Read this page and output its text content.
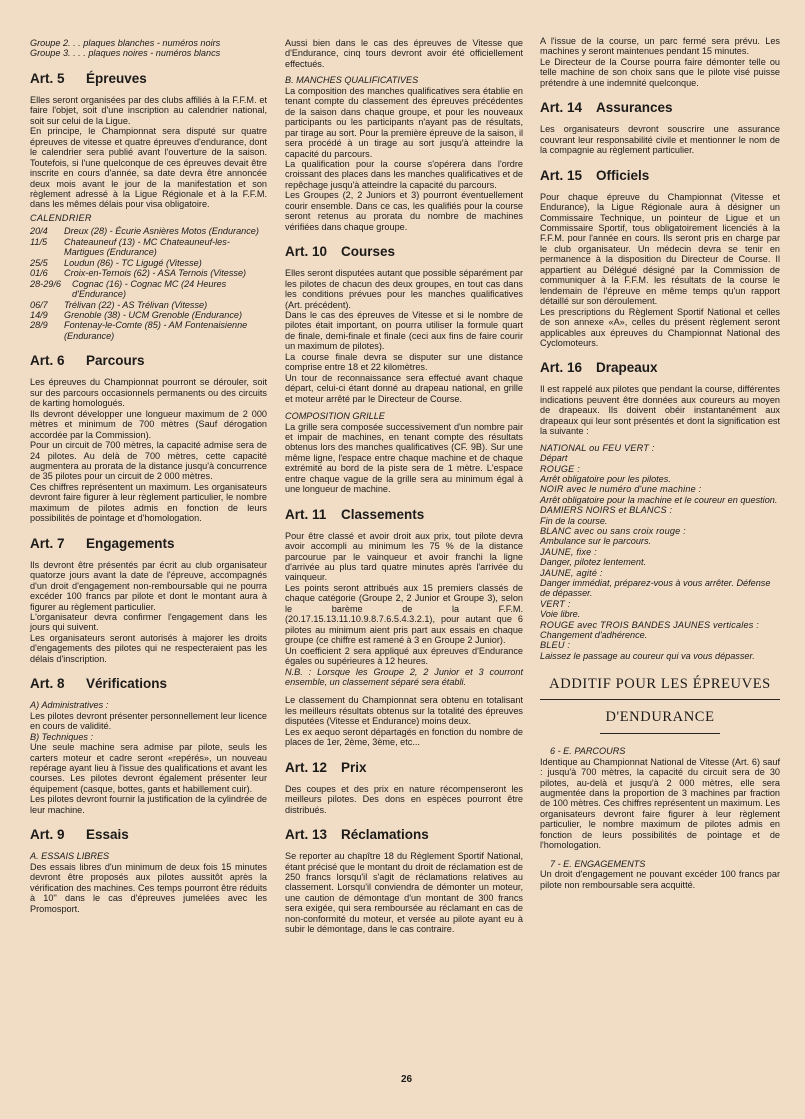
Groupe 2. . . plaques blanches - numéros noirs
Groupe 3. . . . plaques noires - numéros blancs
Art. 5 Épreuves

Elles seront organisées par des clubs affiliés à la F.F.M. et faire l'objet, soit d'une inscription au calendrier national, soit sur celui de la Ligue.

En principe, le Championnat sera disputé sur quatre épreuves de vitesse et quatre épreuves d'endurance, dont le calendrier sera publié avant l'ouverture de la saison. Toutefois, si l'une quelconque de ces épreuves devait être inscrite en cours d'année, sa date devra être annoncée deux mois avant le jour de la manifestation et son règlement adressé à la Ligue Régionale et à la F.F.M. dans les mêmes délais pour visa obligatoire.

CALENDRIER
20/4	Dreux (28) - Écurie Asnières Motos (Endurance)
11/5	Chateauneuf (13) - MC Chateauneuf-les-Martigues (Endurance)
25/5	Loudun (86) - TC Ligugé (Vitesse)
01/6	Croix-en-Ternois (62) - ASA Ternois (Vitesse)
28-29/6	Cognac (16) - Cognac MC (24 Heures d'Endurance)
06/7	Trélivan (22) - AS Trélivan (Vitesse)
14/9	Grenoble (38) - UCM Grenoble (Endurance)
28/9	Fontenay-le-Comte (85) - AM Fontenaisienne (Endurance)
Art. 6 Parcours

Les épreuves du Championnat pourront se dérouler, soit sur des parcours occasionnels permanents ou des circuits de karting homologués.

Ils devront développer une longueur maximum de 2 000 mètres et minimum de 700 mètres (Sauf dérogation accordée par la Commission).

Pour un circuit de 700 mètres, la capacité admise sera de 24 pilotes. Au delà de 700 mètres, cette capacité augmentera au prorata de la distance jusqu'à concurrence de 35 pilotes pour un circuit de 2 000 mètres.

Ces chiffres représentent un maximum. Les organisateurs devront faire figurer à leur règlement particulier, le nombre maximum de pilotes admis en fonction de leurs possibilités de pointage et d'homologation.

Art. 7 Engagements

Ils devront être présentés par écrit au club organisateur quatorze jours avant la date de l'épreuve, accompagnés d'un droit d'engagement non-remboursable qui ne pourra excéder 100 francs par pilote et dont le montant aura à figurer au règlement particulier.

L'organisateur devra confirmer l'engagement dans les jours qui suivent.

Les organisateurs seront autorisés à majorer les droits d'engagements des pilotes qui ne respecteraient pas les délais d'inscription.

Art. 8 Vérifications

A) Administratives :

Les pilotes devront présenter personnellement leur licence en cours de validité.

B) Techniques :

Une seule machine sera admise par pilote, seuls les carters moteur et cadre seront «repérés», un nouveau repérage ayant lieu à l'issue des qualifications et avant les courses. Les pilotes devront également présenter leur équipement (casque, bottes, gants et habillement cuir).

Les pilotes devront fournir la justification de la cylindrée de leur machine.

Art. 9 Essais

A. ESSAIS LIBRES

Des essais libres d'un minimum de deux fois 15 minutes devront être proposés aux pilotes aussitôt après la vérification des machines. Ces temps pourront être réduits à 10'' dans le cas d'épreuves jumelées avec les Promosport.

Aussi bien dans le cas des épreuves de Vitesse que d'Endurance, cinq tours devront avoir été officiellement effectués.

B. MANCHES QUALIFICATIVES

La composition des manches qualificatives sera établie en tenant compte du classement des épreuves précédentes de la saison dans chaque groupe, et pour les nouveaux participants ou les participants n'ayant pas de résultats, par tirage au sort. Pour la première épreuve de la saison, il sera procédé à un tirage au sort jusqu'à atteindre la capacité du parcours.

La qualification pour la course s'opérera dans l'ordre croissant des places dans les manches qualificatives et de repêchage jusqu'à atteindre la capacité du parcours.

Les Groupes (2, 2 Juniors et 3) pourront éventuellement courir ensemble. Dans ce cas, les qualifiés pour la course seront retenus au prorata du nombre de machines vérifiées dans chaque groupe.

Art. 10 Courses

Elles seront disputées autant que possible séparément par les pilotes de chacun des deux groupes, en tout cas dans les conditions prévues pour les manches qualificatives (Art. précédent).

Dans le cas des épreuves de Vitesse et si le nombre de pilotes était important, on pourra utiliser la formule quart de finale, demi-finale et finale (ceci aux fins de faire courir un maximum de pilotes).

La course finale devra se disputer sur une distance comprise entre 18 et 22 kilomètres.

Un tour de reconnaissance sera effectué avant chaque départ, celui-ci étant donné au drapeau national, en grille et moteur arrêté par le Directeur de Course.

COMPOSITION GRILLE

La grille sera composée successivement d'un nombre pair et impair de machines, en tenant compte des résultats obtenus lors des manches qualificatives (CF. 9B). Sur une même ligne, l'espace entre chaque machine et de chaque extrémité au bord de la piste sera de 1 mètre. L'espace entre chaque vague de la grille sera au minimum égal à une longueur de machine.

Art. 11 Classements

Pour être classé et avoir droit aux prix, tout pilote devra avoir accompli au minimum les 75 % de la distance parcourue par le vainqueur et avoir franchi la ligne d'arrivée au plus tard quatre minutes après l'arrivée du vainqueur.

Les points seront attribués aux 15 premiers classés de chaque catégorie (Groupe 2, 2 Junior et Groupe 3), selon le barème de la F.F.M. (20.17.15.13.11.10.9.8.7.6.5.4.3.2.1), pour autant que 6 pilotes au minimum aient pris part aux essais en chaque groupe (ce chiffre est ramené à 3 en Groupe 2 Junior).

Un coefficient 2 sera appliqué aux épreuves d'Endurance égales ou supérieures à 12 heures.

N.B. : Lorsque les Groupe 2, 2 Junior et 3 courront ensemble, un classement séparé sera établi.

Le classement du Championnat sera obtenu en totalisant les meilleurs résultats obtenus sur la totalité des épreuves disputées (Vitesse et Endurance) moins deux.

Les ex aequo seront départagés en fonction du nombre de places de 1er, 2ème, 3ème, etc...

Art. 12 Prix

Des coupes et des prix en nature récompenseront les meilleurs pilotes. Des dons en espèces pourront être distribués.

Art. 13 Réclamations

Se reporter au chapître 18 du Règlement Sportif National, étant précisé que le montant du droit de réclamation est de 250 francs lorsqu'il s'agit de réclamations relatives au classement. Lorsqu'il conviendra de démonter un moteur, une caution de démontage d'un montant de 300 francs sera exigée, qui sera remboursée au réclamant en cas de non-conformité du moteur, et versée au pilote ayant eu à subir le démontage, dans le cas contraire.

A l'issue de la course, un parc fermé sera prévu. Les machines y seront maintenues pendant 15 minutes.

Le Directeur de la Course pourra faire démonter telle ou telle machine de son choix sans que le pilote visé puisse prétendre à une indemnité quelconque.

Art. 14 Assurances

Les organisateurs devront souscrire une assurance couvrant leur responsabilité civile et mentionner le nom de la compagnie au règlement particulier.

Art. 15 Officiels

Pour chaque épreuve du Championnat (Vitesse et Endurance), la Ligue Régionale aura à désigner un Commissaire Technique, un pointeur de Ligue et un Commissaire Sportif, tous obligatoirement licenciés à la F.F.M. pour l'année en cours. Ils seront pris en charge par le club organisateur. Un médecin devra se tenir en permanence à la disposition du Directeur de Course. Il appartient au Délégué désigné par la Commission de communiquer à la F.F.M. les résultats de la course le lendemain de l'épreuve en même temps qu'un rapport détaillé sur son déroulement.

Les prescriptions du Règlement Sportif National et celles de son annexe «A», celles du présent règlement seront applicables aux épreuves du Championnat National des Cyclomoteurs.

Art. 16 Drapeaux

Il est rappelé aux pilotes que pendant la course, différentes indications peuvent être données aux coureurs au moyen de drapeaux. Ils doivent obéir instantanément aux drapeaux qui leur sont présentés et dont la signification est la suivante :

NATIONAL ou FEU VERT :

Départ

ROUGE :

Arrêt obligatoire pour les pilotes.

NOIR avec le numéro d'une machine :

Arrêt obligatoire pour la machine et le coureur en question.

DAMIERS NOIRS et BLANCS :

Fin de la course.

BLANC avec ou sans croix rouge :

Ambulance sur le parcours.

JAUNE, fixe :

Danger, pilotez lentement.

JAUNE, agité :

Danger immédiat, préparez-vous à vous arrêter. Défense de dépasser.

VERT :

Voie libre.

ROUGE avec TROIS BANDES JAUNES verticales :

Changement d'adhérence.

BLEU :

Laissez le passage au coureur qui va vous dépasser.

ADDITIF POUR LES ÉPREUVES
D'ENDURANCE

6 - E. PARCOURS

Identique au Championnat National de Vitesse (Art. 6) sauf : jusqu'à 700 mètres, la capacité du circuit sera de 30 pilotes, au-delà et jusqu'à 2 000 mètres, elle sera augmentée dans la proportion de 3 machines par fraction de 100 mètres. Ces chiffres représentent un maximum. Les organisateurs devront faire figurer à leur règlement particulier, le nombre maximum de pilotes admis en fonction de leurs possibilités de pointage et de l'homologation.

7 - E. ENGAGEMENTS

Un droit d'engagement ne pouvant excéder 100 francs par pilote non remboursable sera acquitté.

26
